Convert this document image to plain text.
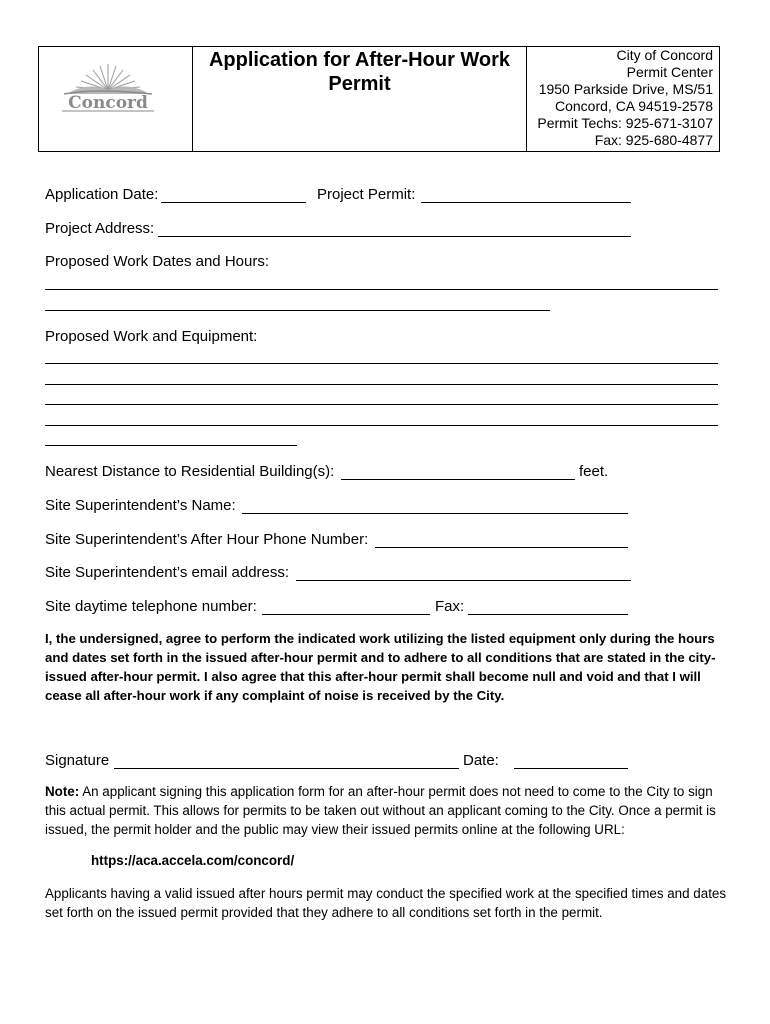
Concord
Application for After-Hour Work
Permit
City of Concord
Permit Center
1950 Parkside Drive, MS/51
Concord, CA 94519-2578
Permit Techs: 925-671-3107
Fax: 925-680-4877
Application Date:	Project Permit:
Project Address:
Proposed Work Dates and Hours:
Proposed Work and Equipment:
Nearest Distance to Residential Building(s):	feet.
Site Superintendent’s Name:
Site Superintendent’s After Hour Phone Number:
Site Superintendent’s email address:
Site daytime telephone number:	Fax:
I, the undersigned, agree to perform the indicated work utilizing the listed equipment only during the hours and dates set forth in the issued after-hour permit and to adhere to all conditions that are stated in the city-issued after-hour permit. I also agree that this after-hour permit shall become null and void and that I will cease all after-hour work if any complaint of noise is received by the City.
Signature	Date:
Note: An applicant signing this application form for an after-hour permit does not need to come to the City to sign this actual permit. This allows for permits to be taken out without an applicant coming to the City. Once a permit is issued, the permit holder and the public may view their issued permits online at the following URL:
https://aca.accela.com/concord/
Applicants having a valid issued after hours permit may conduct the specified work at the specified times and dates set forth on the issued permit provided that they adhere to all conditions set forth in the permit.
